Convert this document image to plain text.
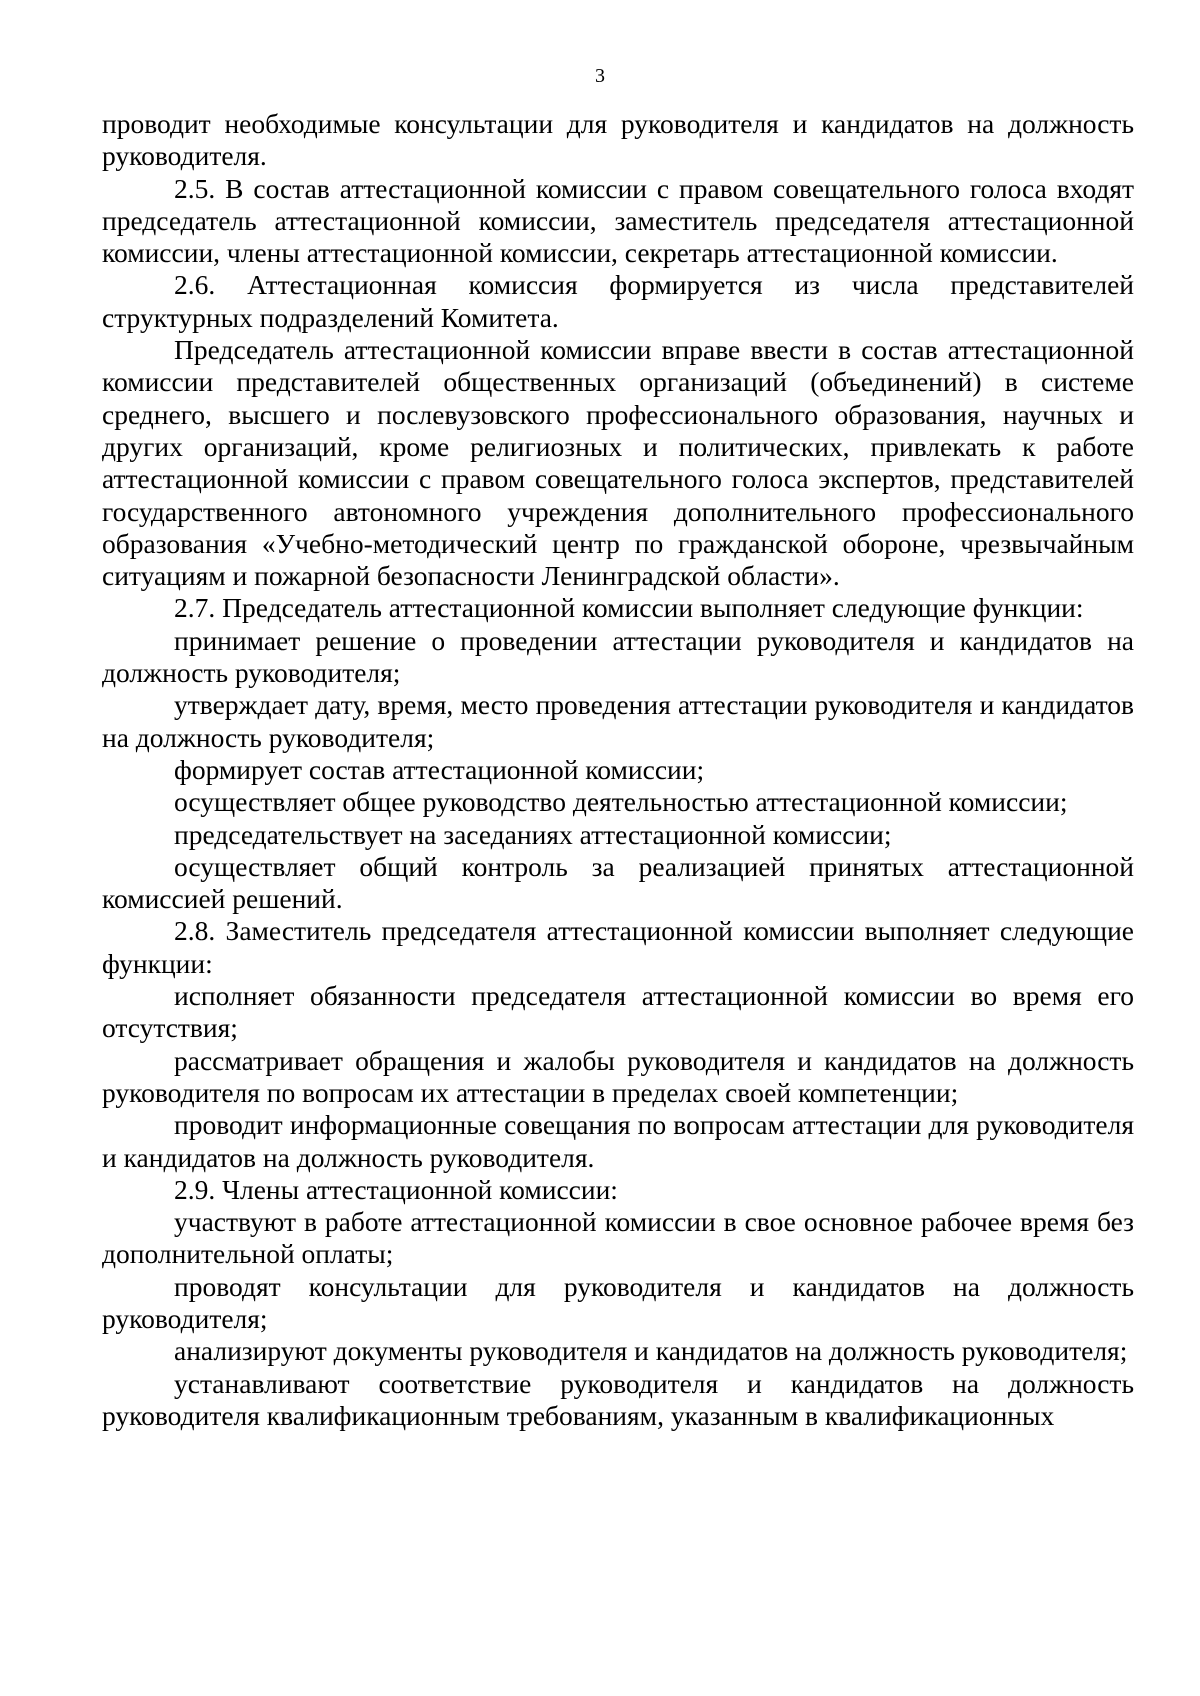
3

проводит необходимые консультации для руководителя и кандидатов на должность руководителя.

2.5. В состав аттестационной комиссии с правом совещательного голоса входят председатель аттестационной комиссии, заместитель председателя аттестационной комиссии, члены аттестационной комиссии, секретарь аттестационной комиссии.

2.6. Аттестационная комиссия формируется из числа представителей структурных подразделений Комитета.

Председатель аттестационной комиссии вправе ввести в состав аттестационной комиссии представителей общественных организаций (объединений) в системе среднего, высшего и послевузовского профессионального образования, научных и других организаций, кроме религиозных и политических, привлекать к работе аттестационной комиссии с правом совещательного голоса экспертов, представителей государственного автономного учреждения дополнительного профессионального образования «Учебно-методический центр по гражданской обороне, чрезвычайным ситуациям и пожарной безопасности Ленинградской области».

2.7. Председатель аттестационной комиссии выполняет следующие функции:

принимает решение о проведении аттестации руководителя и кандидатов на должность руководителя;

утверждает дату, время, место проведения аттестации руководителя и кандидатов на должность руководителя;

формирует состав аттестационной комиссии;

осуществляет общее руководство деятельностью аттестационной комиссии;

председательствует на заседаниях аттестационной комиссии;

осуществляет общий контроль за реализацией принятых аттестационной комиссией решений.

2.8. Заместитель председателя аттестационной комиссии выполняет следующие функции:

исполняет обязанности председателя аттестационной комиссии во время его отсутствия;

рассматривает обращения и жалобы руководителя и кандидатов на должность руководителя по вопросам их аттестации в пределах своей компетенции;

проводит информационные совещания по вопросам аттестации для руководителя и кандидатов на должность руководителя.

2.9. Члены аттестационной комиссии:

участвуют в работе аттестационной комиссии в свое основное рабочее время без дополнительной оплаты;

проводят консультации для руководителя и кандидатов на должность руководителя;

анализируют документы руководителя и кандидатов на должность руководителя;

устанавливают соответствие руководителя и кандидатов на должность руководителя квалификационным требованиям, указанным в квалификационных
